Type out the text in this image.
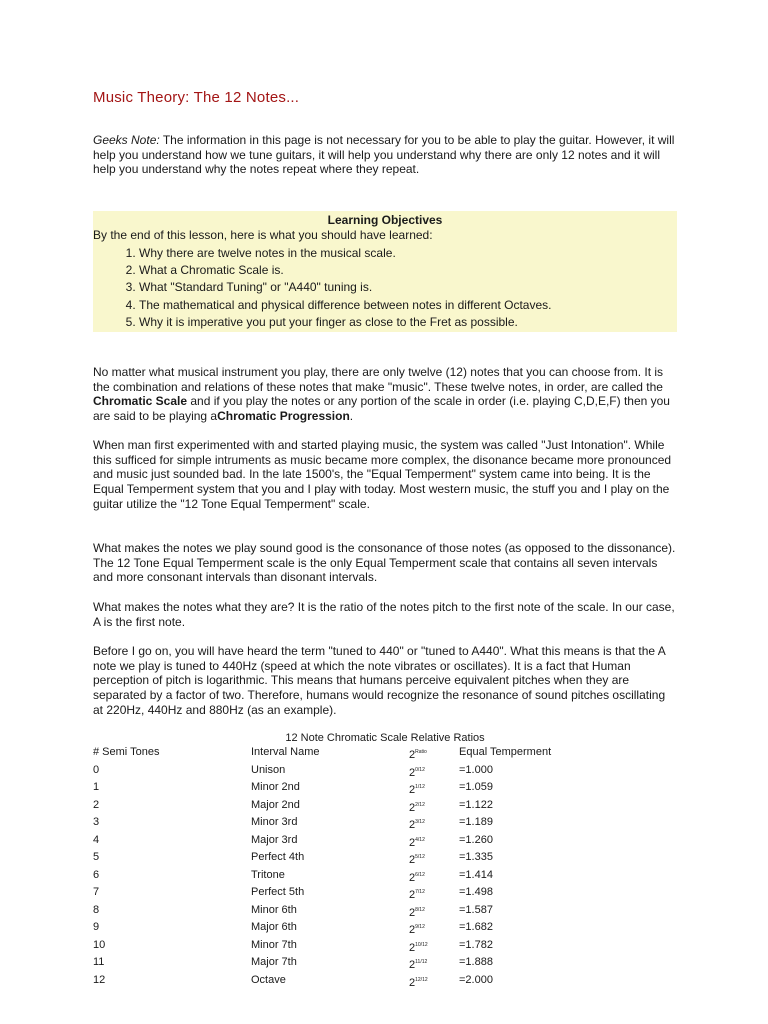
Music Theory: The 12 Notes...

Geeks Note: The information in this page is not necessary for you to be able to play the guitar. However, it will help you understand how we tune guitars, it will help you understand why there are only 12 notes and it will help you understand why the notes repeat where they repeat.

Learning Objectives
By the end of this lesson, here is what you should have learned:
1. Why there are twelve notes in the musical scale.
2. What a Chromatic Scale is.
3. What "Standard Tuning" or "A440" tuning is.
4. The mathematical and physical difference between notes in different Octaves.
5. Why it is imperative you put your finger as close to the Fret as possible.

No matter what musical instrument you play, there are only twelve (12) notes that you can choose from. It is the combination and relations of these notes that make "music". These twelve notes, in order, are called the Chromatic Scale and if you play the notes or any portion of the scale in order (i.e. playing C,D,E,F) then you are said to be playing aChromatic Progression.

When man first experimented with and started playing music, the system was called "Just Intonation". While this sufficed for simple intruments as music became more complex, the disonance became more pronounced and music just sounded bad. In the late 1500's, the "Equal Temperment" system came into being. It is the Equal Temperment system that you and I play with today. Most western music, the stuff you and I play on the guitar utilize the "12 Tone Equal Temperment" scale.

What makes the notes we play sound good is the consonance of those notes (as opposed to the dissonance). The 12 Tone Equal Temperment scale is the only Equal Temperment scale that contains all seven intervals and more consonant intervals than disonant intervals.

What makes the notes what they are? It is the ratio of the notes pitch to the first note of the scale. In our case, A is the first note.

Before I go on, you will have heard the term "tuned to 440" or "tuned to A440". What this means is that the A note we play is tuned to 440Hz (speed at which the note vibrates or oscillates). It is a fact that Human perception of pitch is logarithmic. This means that humans perceive equivalent pitches when they are separated by a factor of two. Therefore, humans would recognize the resonance of sound pitches oscillating at 220Hz, 440Hz and 880Hz (as an example).

12 Note Chromatic Scale Relative Ratios
# Semi Tones	Interval Name	$2^{Ratio}$	Equal Temperment
0	Unison	$2^{0/12}$	=1.000
1	Minor 2nd	$2^{1/12}$	=1.059
2	Major 2nd	$2^{2/12}$	=1.122
3	Minor 3rd	$2^{3/12}$	=1.189
4	Major 3rd	$2^{4/12}$	=1.260
5	Perfect 4th	$2^{5/12}$	=1.335
6	Tritone	$2^{6/12}$	=1.414
7	Perfect 5th	$2^{7/12}$	=1.498
8	Minor 6th	$2^{8/12}$	=1.587
9	Major 6th	$2^{9/12}$	=1.682
10	Minor 7th	$2^{10/12}$	=1.782
11	Major 7th	$2^{11/12}$	=1.888
12	Octave	$2^{12/12}$	=2.000
